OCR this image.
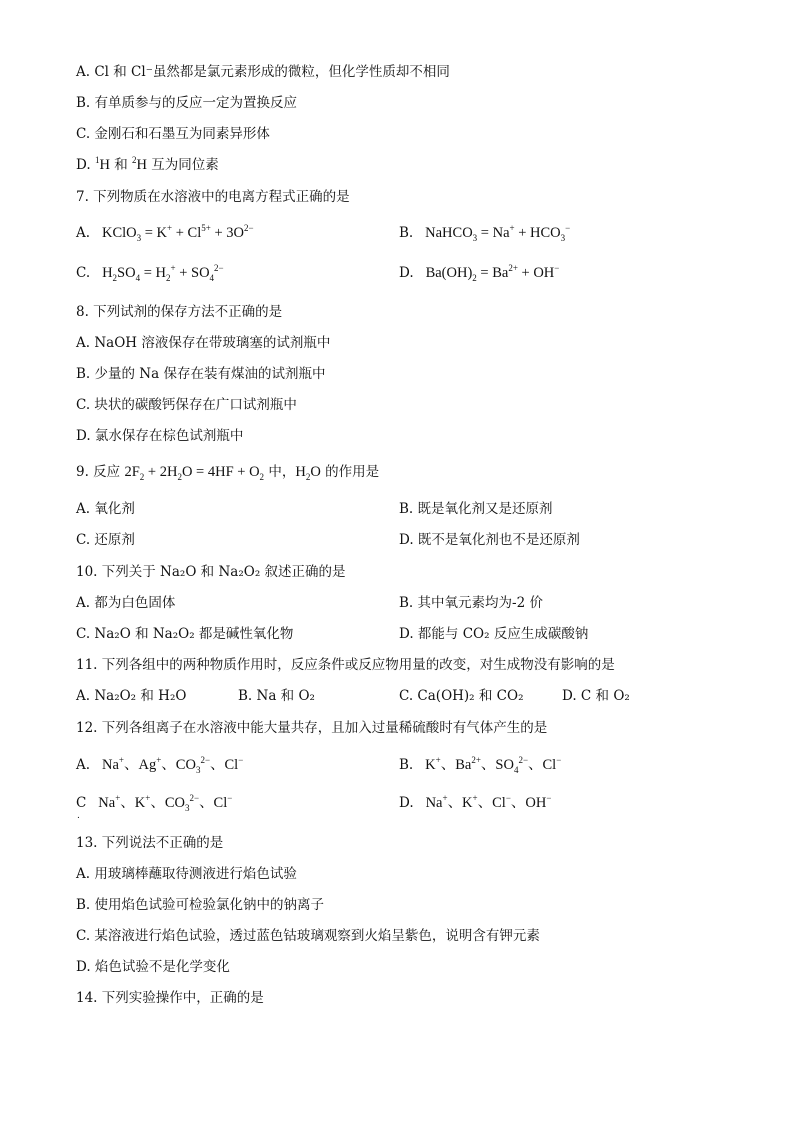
A. Cl 和 Cl⁻虽然都是氯元素形成的微粒，但化学性质却不相同
B. 有单质参与的反应一定为置换反应
C. 金刚石和石墨互为同素异形体
D. $^1$H 和 $^2$H 互为同位素
7. 下列物质在水溶液中的电离方程式正确的是
A.  KClO$_3$ = $K^+ + Cl^{5+} + 3O^{2-}$	B.  NaHCO$_3$ = $Na^+ + HCO_3^-$
C.  $H_2SO_4 = H_2^+ + SO_4^{2-}$	D.  $Ba(OH)_2 = Ba^{2+} + OH^-$
8. 下列试剂的保存方法不正确的是
A. NaOH 溶液保存在带玻璃塞的试剂瓶中
B. 少量的 Na 保存在装有煤油的试剂瓶中
C. 块状的碳酸钙保存在广口试剂瓶中
D. 氯水保存在棕色试剂瓶中
9. 反应 $2F_2 + 2H_2O = 4HF + O_2$ 中，$H_2O$ 的作用是
A. 氧化剂	B. 既是氧化剂又是还原剂
C. 还原剂	D. 既不是氧化剂也不是还原剂
10. 下列关于 Na₂O 和 Na₂O₂ 叙述正确的是
A. 都为白色固体	B. 其中氧元素均为-2 价
C. Na₂O 和 Na₂O₂ 都是碱性氧化物	D. 都能与 CO₂ 反应生成碳酸钠
11. 下列各组中的两种物质作用时，反应条件或反应物用量的改变，对生成物没有影响的是
A. Na₂O₂ 和 H₂O	B. Na 和 O₂	C. Ca(OH)₂ 和 CO₂	D. C 和 O₂
12. 下列各组离子在水溶液中能大量共存，且加入过量稀硫酸时有气体产生的是
A.  Na+、Ag+、$CO_3^{2-}$、Cl−	B.  K+、$Ba^{2+}$、$SO_4^{2-}$、Cl−
C  Na+、K+、$CO_3^{2-}$、Cl−	D.  Na+、K+、Cl−、OH−
.
13. 下列说法不正确的是
A. 用玻璃棒蘸取待测液进行焰色试验
B. 使用焰色试验可检验氯化钠中的钠离子
C. 某溶液进行焰色试验，透过蓝色钴玻璃观察到火焰呈紫色，说明含有钾元素
D. 焰色试验不是化学变化
14. 下列实验操作中，正确的是
